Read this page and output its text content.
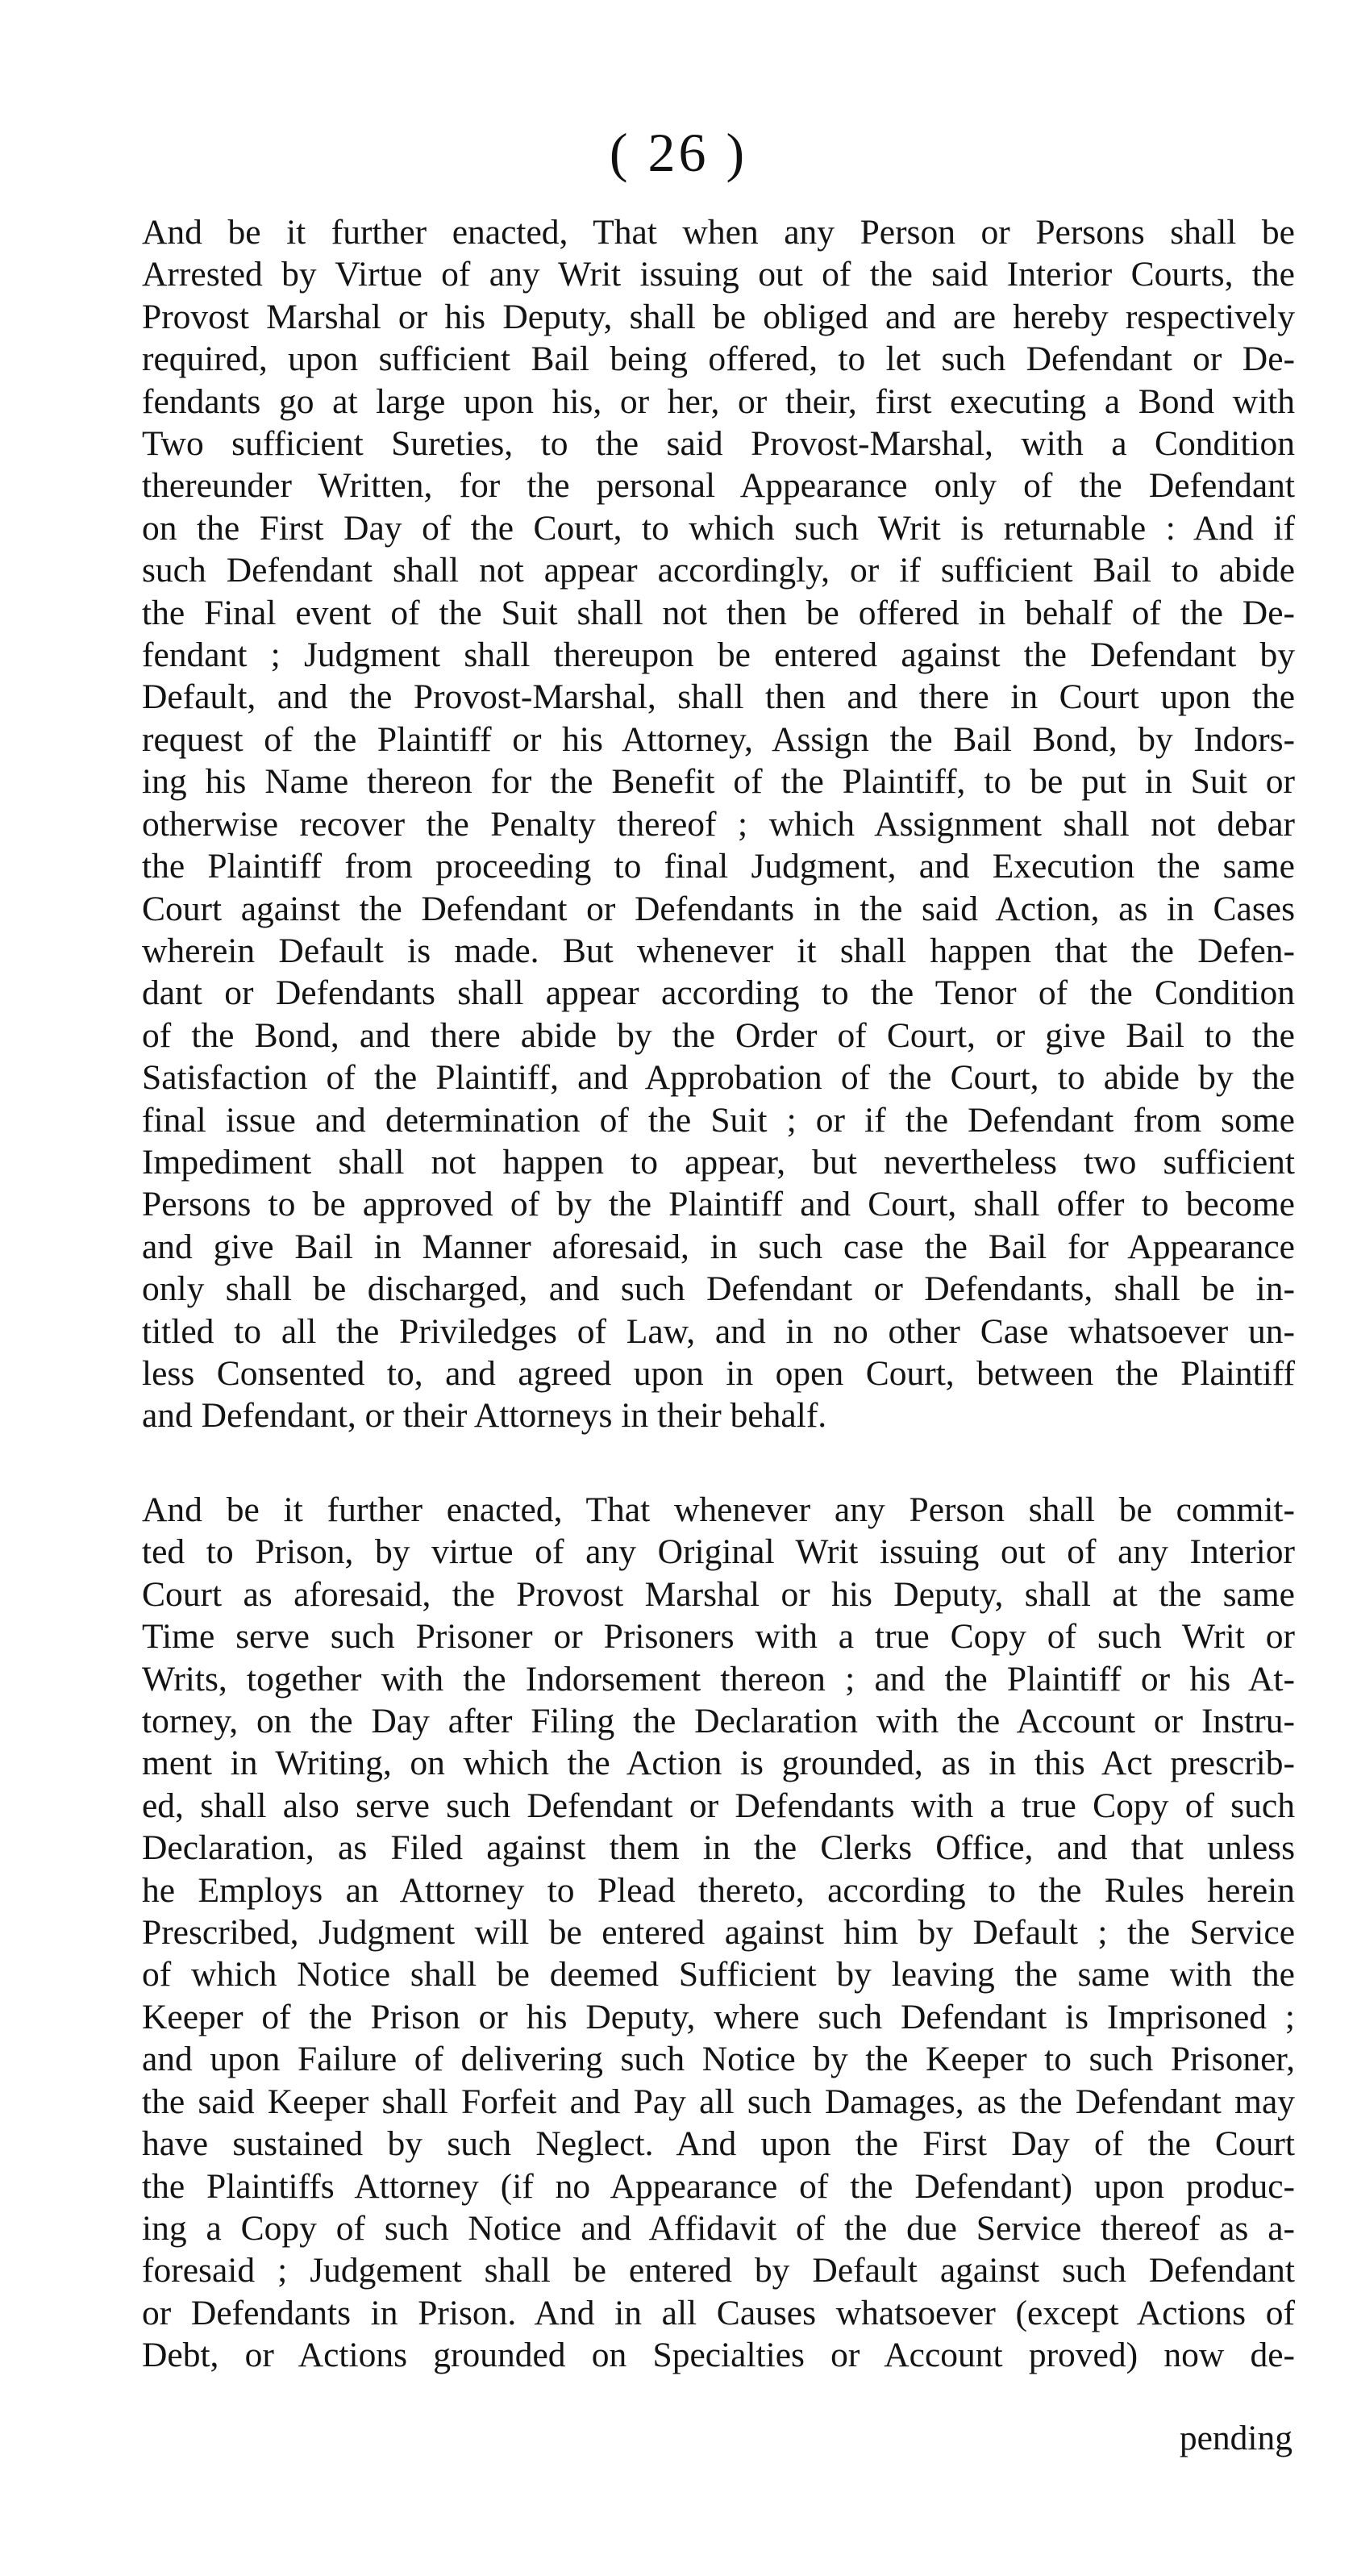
( 26 )
And be it further enacted, That when any Person or Persons shall be
Arrested by Virtue of any Writ issuing out of the said Interior Courts, the
Provost Marshal or his Deputy, shall be obliged and are hereby respectively
required, upon sufficient Bail being offered, to let such Defendant or De-
fendants go at large upon his, or her, or their, first executing a Bond with
Two sufficient Sureties, to the said Provost-Marshal, with a Condition
thereunder Written, for the personal Appearance only of the Defendant
on the First Day of the Court, to which such Writ is returnable : And if
such Defendant shall not appear accordingly, or if sufficient Bail to abide
the Final event of the Suit shall not then be offered in behalf of the De-
fendant ; Judgment shall thereupon be entered against the Defendant by
Default, and the Provost-Marshal, shall then and there in Court upon the
request of the Plaintiff or his Attorney, Assign the Bail Bond, by Indors-
ing his Name thereon for the Benefit of the Plaintiff, to be put in Suit or
otherwise recover the Penalty thereof ; which Assignment shall not debar
the Plaintiff from proceeding to final Judgment, and Execution the same
Court against the Defendant or Defendants in the said Action, as in Cases
wherein Default is made. But whenever it shall happen that the Defen-
dant or Defendants shall appear according to the Tenor of the Condition
of the Bond, and there abide by the Order of Court, or give Bail to the
Satisfaction of the Plaintiff, and Approbation of the Court, to abide by the
final issue and determination of the Suit ; or if the Defendant from some
Impediment shall not happen to appear, but nevertheless two sufficient
Persons to be approved of by the Plaintiff and Court, shall offer to become
and give Bail in Manner aforesaid, in such case the Bail for Appearance
only shall be discharged, and such Defendant or Defendants, shall be in-
titled to all the Priviledges of Law, and in no other Case whatsoever un-
less Consented to, and agreed upon in open Court, between the Plaintiff
and Defendant, or their Attorneys in their behalf.
And be it further enacted, That whenever any Person shall be commit-
ted to Prison, by virtue of any Original Writ issuing out of any Interior
Court as aforesaid, the Provost Marshal or his Deputy, shall at the same
Time serve such Prisoner or Prisoners with a true Copy of such Writ or
Writs, together with the Indorsement thereon ; and the Plaintiff or his At-
torney, on the Day after Filing the Declaration with the Account or Instru-
ment in Writing, on which the Action is grounded, as in this Act prescrib-
ed, shall also serve such Defendant or Defendants with a true Copy of such
Declaration, as Filed against them in the Clerks Office, and that unless
he Employs an Attorney to Plead thereto, according to the Rules herein
Prescribed, Judgment will be entered against him by Default ; the Service
of which Notice shall be deemed Sufficient by leaving the same with the
Keeper of the Prison or his Deputy, where such Defendant is Imprisoned ;
and upon Failure of delivering such Notice by the Keeper to such Prisoner,
the said Keeper shall Forfeit and Pay all such Damages, as the Defendant may
have sustained by such Neglect. And upon the First Day of the Court
the Plaintiffs Attorney (if no Appearance of the Defendant) upon produc-
ing a Copy of such Notice and Affidavit of the due Service thereof as a-
foresaid ; Judgement shall be entered by Default against such Defendant
or Defendants in Prison. And in all Causes whatsoever (except Actions of
Debt, or Actions grounded on Specialties or Account proved) now de-
pending
